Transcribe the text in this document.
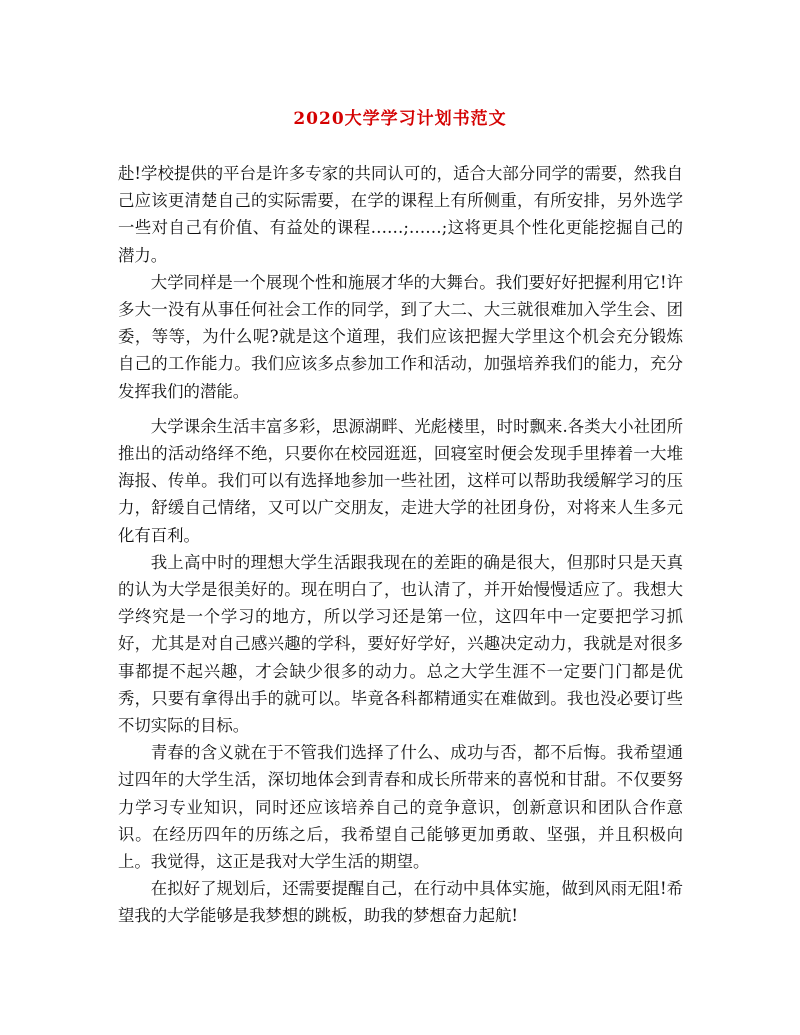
2020大学学习计划书范文

赴!学校提供的平台是许多专家的共同认可的，适合大部分同学的需要，然我自己应该更清楚自己的实际需要，在学的课程上有所侧重，有所安排，另外选学一些对自己有价值、有益处的课程……;……;这将更具个性化更能挖掘自己的潜力。

大学同样是一个展现个性和施展才华的大舞台。我们要好好把握利用它!许多大一没有从事任何社会工作的同学，到了大二、大三就很难加入学生会、团委，等等，为什么呢?就是这个道理，我们应该把握大学里这个机会充分锻炼自己的工作能力。我们应该多点参加工作和活动，加强培养我们的能力，充分发挥我们的潜能。

大学课余生活丰富多彩，思源湖畔、光彪楼里，时时飘来.各类大小社团所推出的活动络绎不绝，只要你在校园逛逛，回寝室时便会发现手里捧着一大堆海报、传单。我们可以有选择地参加一些社团，这样可以帮助我缓解学习的压力，舒缓自己情绪，又可以广交朋友，走进大学的社团身份，对将来人生多元化有百利。

我上高中时的理想大学生活跟我现在的差距的确是很大，但那时只是天真的认为大学是很美好的。现在明白了，也认清了，并开始慢慢适应了。我想大学终究是一个学习的地方，所以学习还是第一位，这四年中一定要把学习抓好，尤其是对自己感兴趣的学科，要好好学好，兴趣决定动力，我就是对很多事都提不起兴趣，才会缺少很多的动力。总之大学生涯不一定要门门都是优秀，只要有拿得出手的就可以。毕竟各科都精通实在难做到。我也没必要订些不切实际的目标。

青春的含义就在于不管我们选择了什么、成功与否，都不后悔。我希望通过四年的大学生活，深切地体会到青春和成长所带来的喜悦和甘甜。不仅要努力学习专业知识，同时还应该培养自己的竞争意识，创新意识和团队合作意识。在经历四年的历练之后，我希望自己能够更加勇敢、坚强，并且积极向上。我觉得，这正是我对大学生活的期望。

在拟好了规划后，还需要提醒自己，在行动中具体实施，做到风雨无阻!希望我的大学能够是我梦想的跳板，助我的梦想奋力起航!
